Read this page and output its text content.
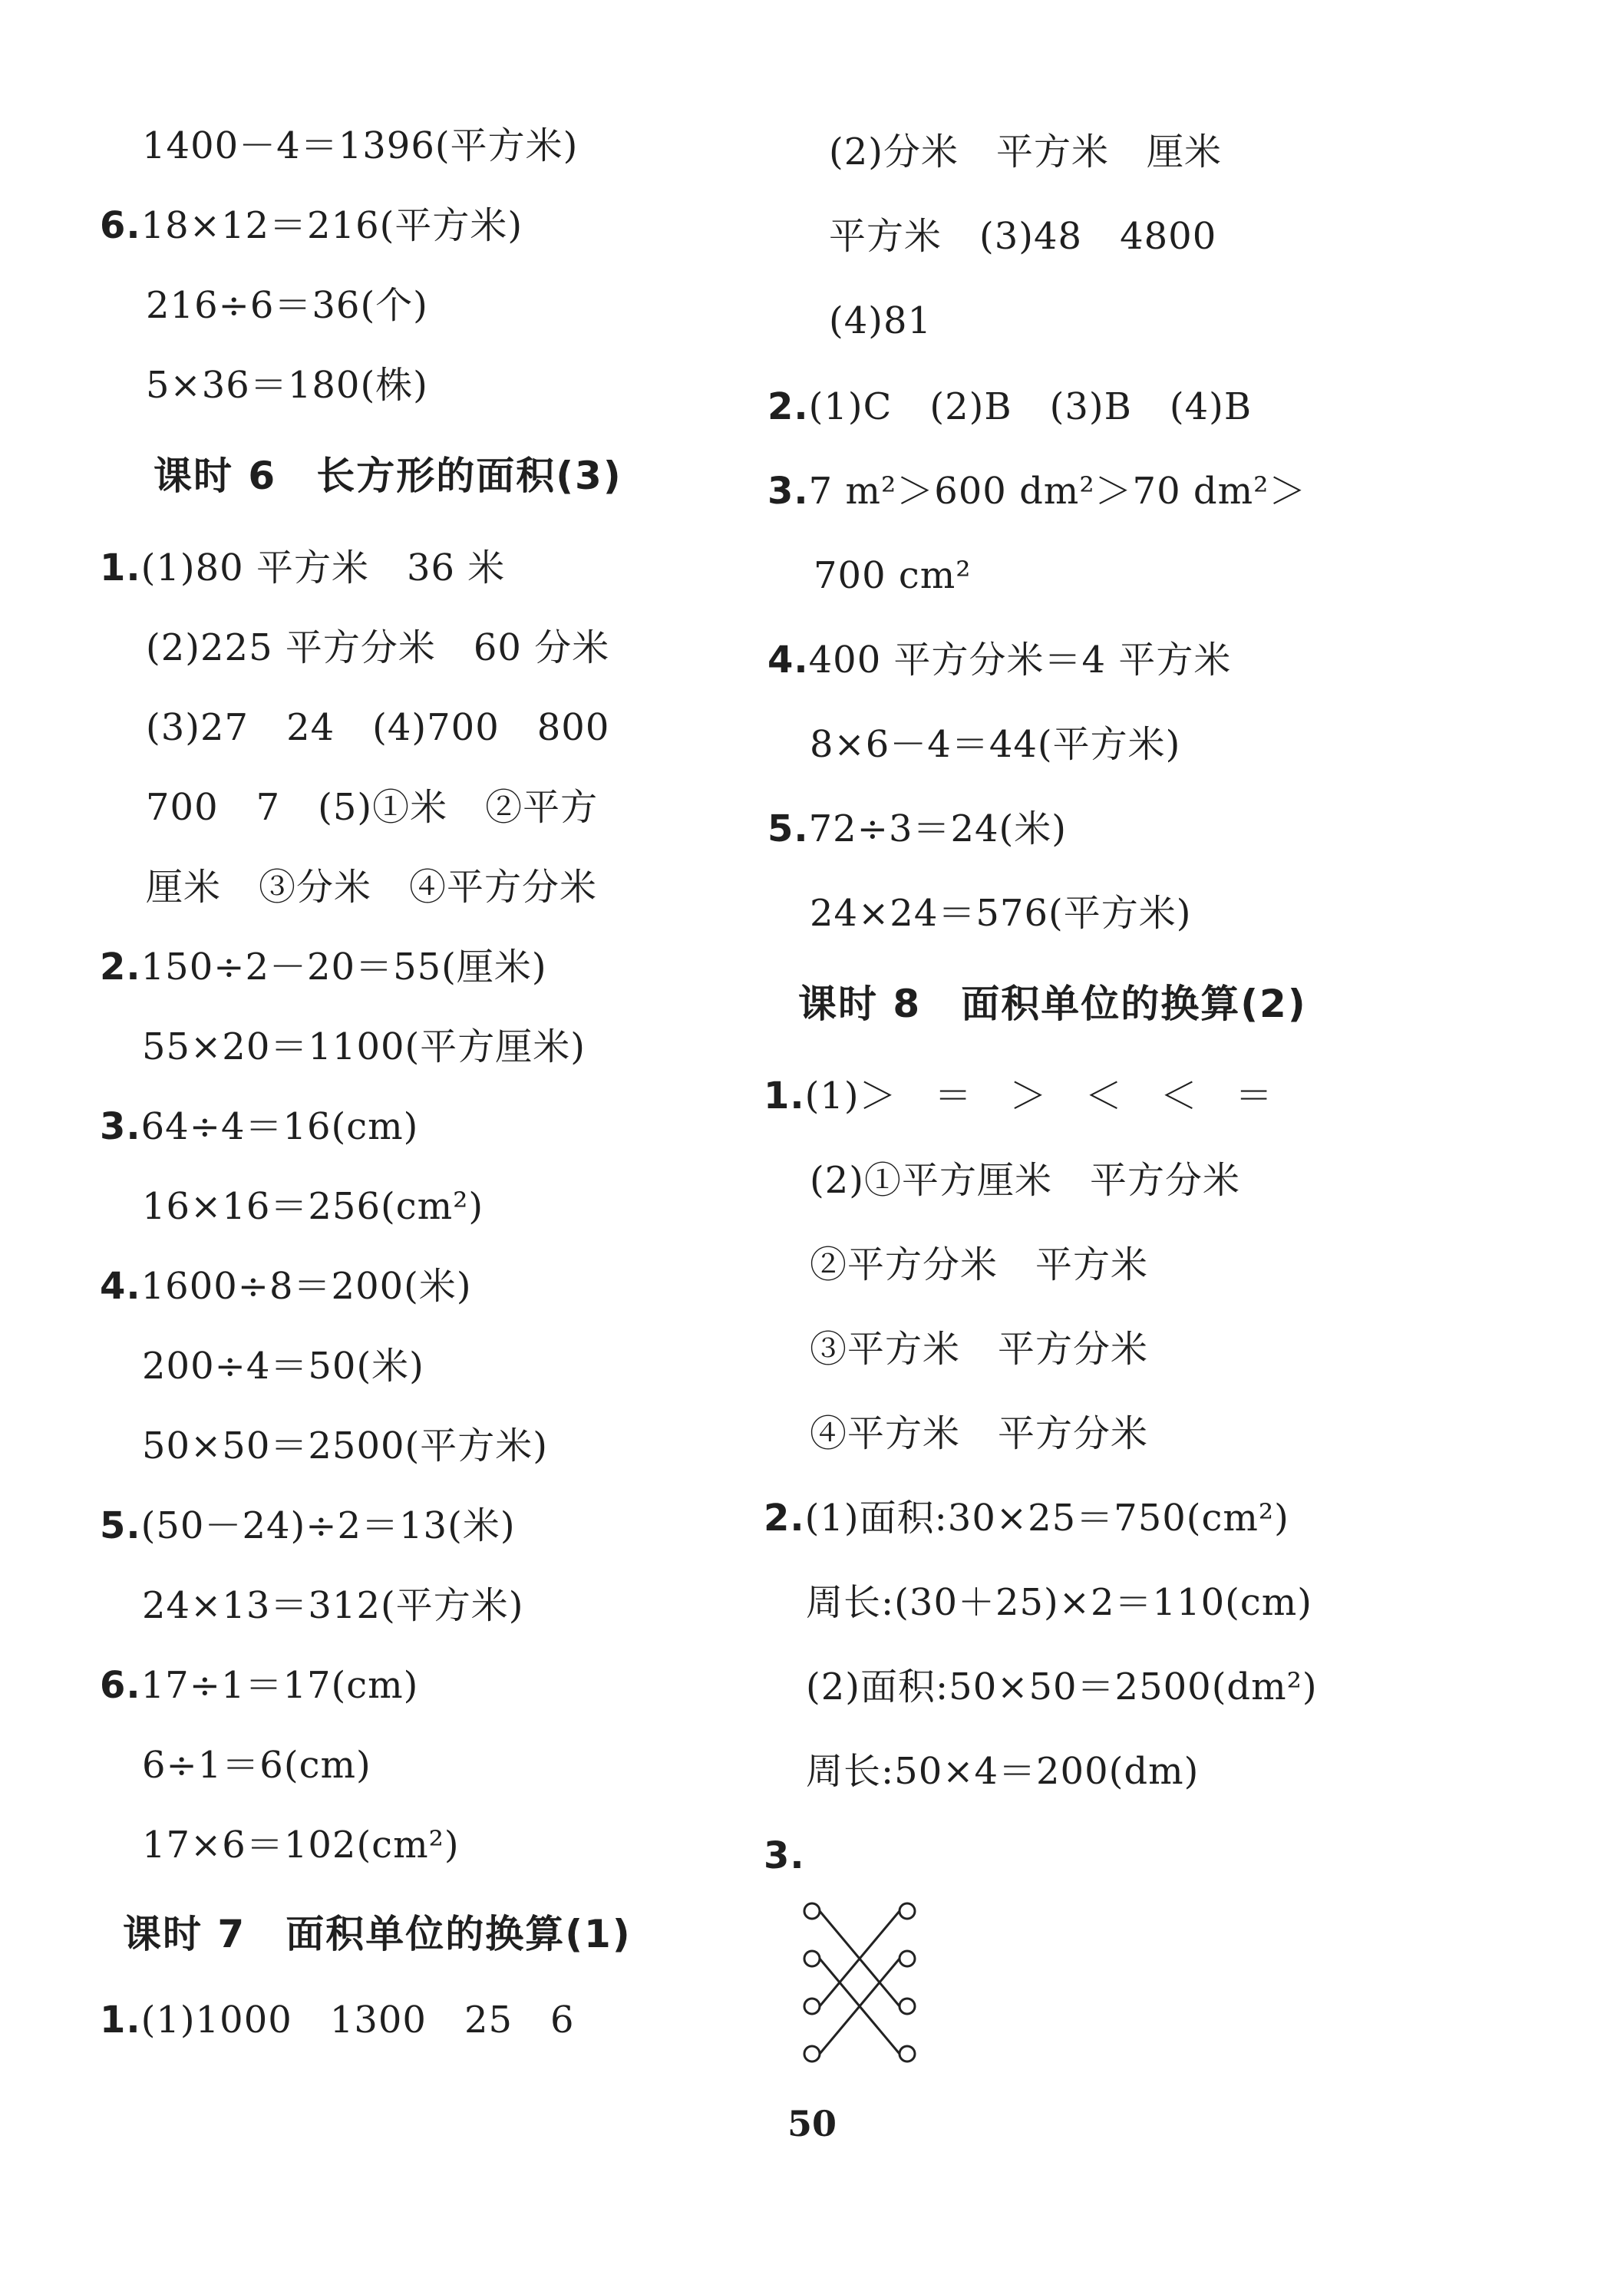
1400－4＝1396(平方米)
6.18×12＝216(平方米)
216÷6＝36(个)
5×36＝180(株)
课时 6　长方形的面积(3)
1.(1)80 平方米　36 米
(2)225 平方分米　60 分米
(3)27　24　(4)700　800
700　7　(5)①米　②平方
厘米　③分米　④平方分米
2.150÷2－20＝55(厘米)
55×20＝1100(平方厘米)
3.64÷4＝16(cm)
16×16＝256(cm²)
4.1600÷8＝200(米)
200÷4＝50(米)
50×50＝2500(平方米)
5.(50－24)÷2＝13(米)
24×13＝312(平方米)
6.17÷1＝17(cm)
6÷1＝6(cm)
17×6＝102(cm²)
课时 7　面积单位的换算(1)
1.(1)1000　1300　25　6
(2)分米　平方米　厘米
平方米　(3)48　4800
(4)81
2.(1)C　(2)B　(3)B　(4)B
3.7 m²＞600 dm²＞70 dm²＞
700 cm²
4.400 平方分米＝4 平方米
8×6－4＝44(平方米)
5.72÷3＝24(米)
24×24＝576(平方米)
课时 8　面积单位的换算(2)
1.(1)＞　＝　＞　＜　＜　＝
(2)①平方厘米　平方分米
②平方分米　平方米
③平方米　平方分米
④平方米　平方分米
2.(1)面积:30×25＝750(cm²)
周长:(30＋25)×2＝110(cm)
(2)面积:50×50＝2500(dm²)
周长:50×4＝200(dm)
3.
50
